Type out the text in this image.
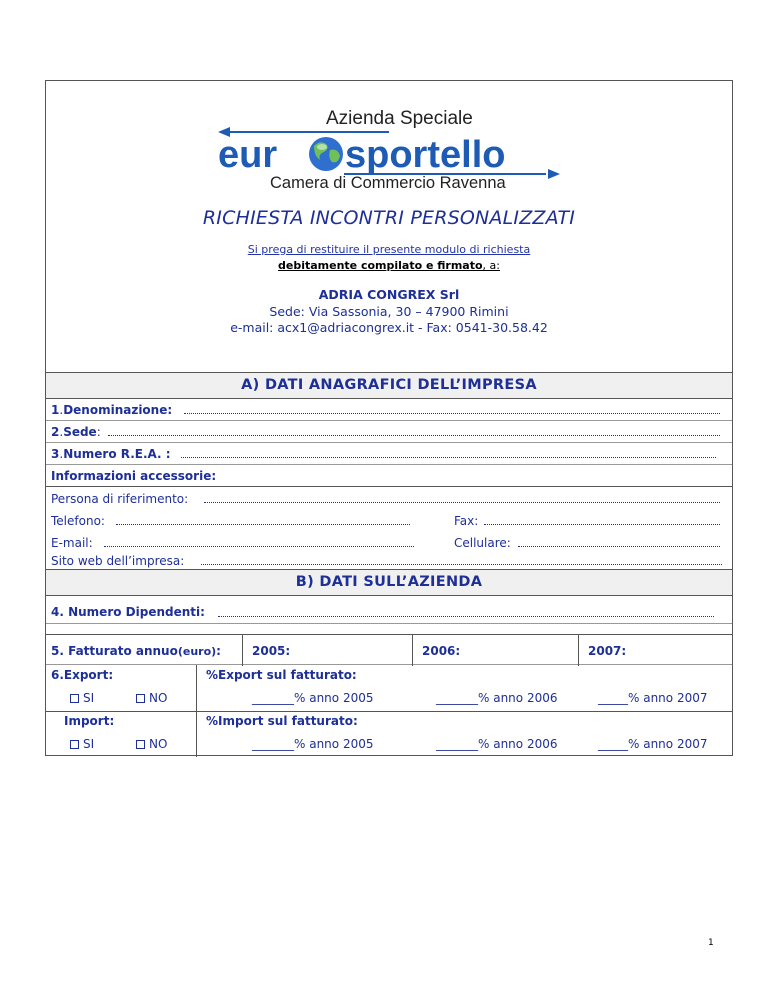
Azienda Speciale
eur sportello
Camera di Commercio Ravenna
RICHIESTA INCONTRI PERSONALIZZATI
Si prega di restituire il presente modulo di richiesta
debitamente compilato e firmato, a:
ADRIA CONGREX Srl
Sede: Via Sassonia, 30 – 47900 Rimini
e-mail: acx1@adriacongrex.it - Fax: 0541-30.58.42
A) DATI ANAGRAFICI DELL’IMPRESA
1.Denominazione:
2.Sede:
3.Numero R.E.A. :
Informazioni accessorie:
Persona di riferimento:
Telefono:	Fax:
E-mail:	Cellulare:
Sito web dell’impresa:
B) DATI SULL’AZIENDA
4. Numero Dipendenti:
5. Fatturato annuo(euro):	2005:	2006:	2007:
6.Export:	%Export sul fatturato:
SI	NO	_______% anno 2005	_______% anno 2006	_____% anno 2007
Import:	%Import sul fatturato:
SI	NO	_______% anno 2005	_______% anno 2006	_____% anno 2007
1
